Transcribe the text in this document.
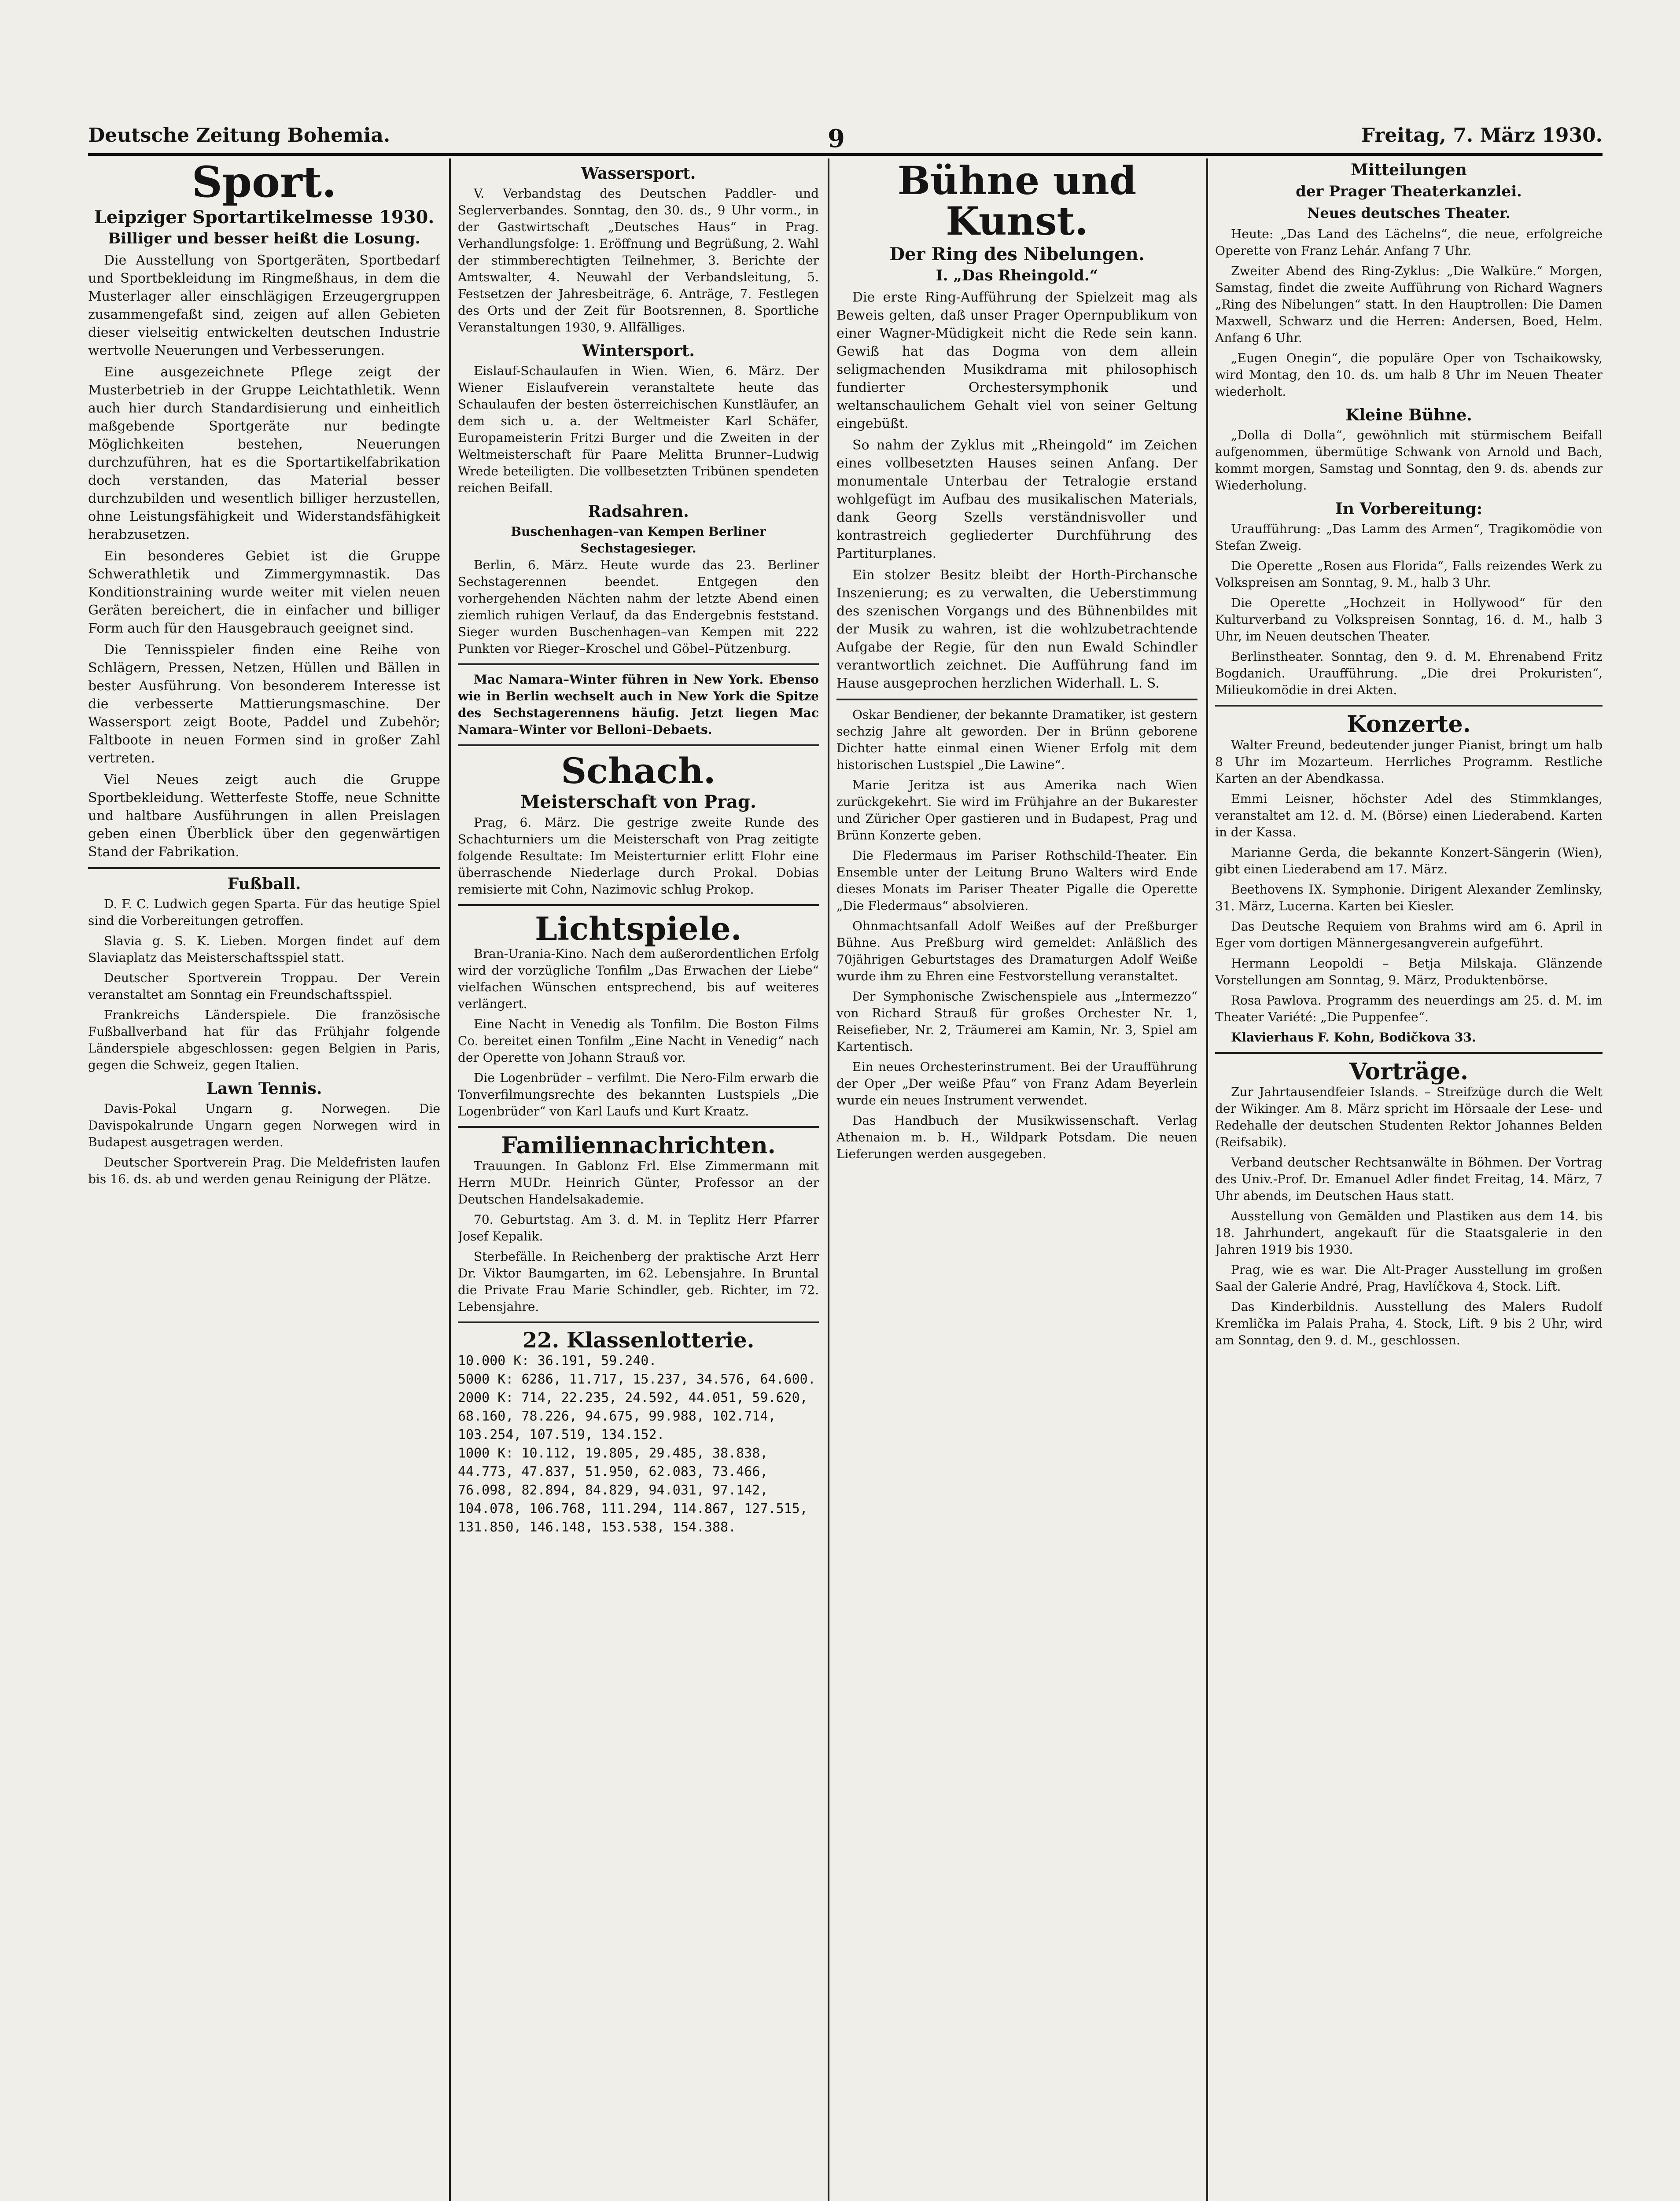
Deutsche Zeitung Bohemia.	9	Freitag, 7. März 1930.
Sport.
Leipziger Sportartikelmesse 1930.
Billiger und besser heißt die Losung.

Die Ausstellung von Sportgeräten, Sportbedarf und Sportbekleidung im Ringmeßhaus, in dem die Musterlager aller einschlägigen Erzeugergruppen zusammengefaßt sind, zeigen auf allen Gebieten dieser vielseitig entwickelten deutschen Industrie wertvolle Neuerungen und Verbesserungen.

Eine ausgezeichnete Pflege zeigt der Musterbetrieb in der Gruppe Leichtathletik. Wenn auch hier durch Standardisierung und einheitlich maßgebende Sportgeräte nur bedingte Möglichkeiten bestehen, Neuerungen durchzuführen, hat es die Sportartikelfabrikation doch verstanden, das Material besser durchzubilden und wesentlich billiger herzustellen, ohne Leistungsfähigkeit und Widerstandsfähigkeit herabzusetzen.

Ein besonderes Gebiet ist die Gruppe Schwerathletik und Zimmergymnastik. Das Konditionstraining wurde weiter mit vielen neuen Geräten bereichert, die in einfacher und billiger Form auch für den Hausgebrauch geeignet sind.

Die Tennisspieler finden eine Reihe von Schlägern, Pressen, Netzen, Hüllen und Bällen in bester Ausführung. Von besonderem Interesse ist die verbesserte Mattierungsmaschine. Der Wassersport zeigt Boote, Paddel und Zubehör; Faltboote in neuen Formen sind in großer Zahl vertreten.

Viel Neues zeigt auch die Gruppe Sportbekleidung. Wetterfeste Stoffe, neue Schnitte und haltbare Ausführungen in allen Preislagen geben einen Überblick über den gegenwärtigen Stand der Fabrikation.

Fußball.

D. F. C. Ludwich gegen Sparta. Für das heutige Spiel sind die Vorbereitungen getroffen.

Slavia g. S. K. Lieben. Morgen findet auf dem Slaviaplatz das Meisterschaftsspiel statt.

Deutscher Sportverein Troppau. Der Verein veranstaltet am Sonntag ein Freundschaftsspiel.

Frankreichs Länderspiele. Die französische Fußballverband hat für das Frühjahr folgende Länderspiele abgeschlossen: gegen Belgien in Paris, gegen die Schweiz, gegen Italien.

Lawn Tennis.

Davis-Pokal Ungarn g. Norwegen. Die Davispokalrunde Ungarn gegen Norwegen wird in Budapest ausgetragen werden.

Deutscher Sportverein Prag. Die Meldefristen laufen bis 16. ds. ab und werden genau Reinigung der Plätze.

Wassersport.

V. Verbandstag des Deutschen Paddler- und Seglerverbandes. Sonntag, den 30. ds., 9 Uhr vorm., in der Gastwirtschaft „Deutsches Haus“ in Prag. Verhandlungsfolge: 1. Eröffnung und Begrüßung, 2. Wahl der stimmberechtigten Teilnehmer, 3. Berichte der Amtswalter, 4. Neuwahl der Verbandsleitung, 5. Festsetzen der Jahresbeiträge, 6. Anträge, 7. Festlegen des Orts und der Zeit für Bootsrennen, 8. Sportliche Veranstaltungen 1930, 9. Allfälliges.

Wintersport.

Eislauf-Schaulaufen in Wien. Wien, 6. März. Der Wiener Eislaufverein veranstaltete heute das Schaulaufen der besten österreichischen Kunstläufer, an dem sich u. a. der Weltmeister Karl Schäfer, Europameisterin Fritzi Burger und die Zweiten in der Weltmeisterschaft für Paare Melitta Brunner–Ludwig Wrede beteiligten. Die vollbesetzten Tribünen spendeten reichen Beifall.

Radsahren.
Buschenhagen–van Kempen Berliner Sechstagesieger.

Berlin, 6. März. Heute wurde das 23. Berliner Sechstagerennen beendet. Entgegen den vorhergehenden Nächten nahm der letzte Abend einen ziemlich ruhigen Verlauf, da das Endergebnis feststand. Sieger wurden Buschenhagen–van Kempen mit 222 Punkten vor Rieger–Kroschel und Göbel–Pützenburg.

Mac Namara–Winter führen in New York. Ebenso wie in Berlin wechselt auch in New York die Spitze des Sechstagerennens häufig. Jetzt liegen Mac Namara–Winter vor Belloni–Debaets.

Schach.
Meisterschaft von Prag.

Prag, 6. März. Die gestrige zweite Runde des Schachturniers um die Meisterschaft von Prag zeitigte folgende Resultate: Im Meisterturnier erlitt Flohr eine überraschende Niederlage durch Prokal. Dobias remisierte mit Cohn, Nazimovic schlug Prokop.

Lichtspiele.

Bran-Urania-Kino. Nach dem außerordentlichen Erfolg wird der vorzügliche Tonfilm „Das Erwachen der Liebe“ vielfachen Wünschen entsprechend, bis auf weiteres verlängert.

Eine Nacht in Venedig als Tonfilm. Die Boston Films Co. bereitet einen Tonfilm „Eine Nacht in Venedig“ nach der Operette von Johann Strauß vor.

Die Logenbrüder – verfilmt. Die Nero-Film erwarb die Tonverfilmungsrechte des bekannten Lustspiels „Die Logenbrüder“ von Karl Laufs und Kurt Kraatz.

Familiennachrichten.

Trauungen. In Gablonz Frl. Else Zimmermann mit Herrn MUDr. Heinrich Günter, Professor an der Deutschen Handelsakademie.

70. Geburtstag. Am 3. d. M. in Teplitz Herr Pfarrer Josef Kepalik.

Sterbefälle. In Reichenberg der praktische Arzt Herr Dr. Viktor Baumgarten, im 62. Lebensjahre. In Bruntal die Private Frau Marie Schindler, geb. Richter, im 72. Lebensjahre.

22. Klassenlotterie.
10.000 K: 36.191, 59.240.
5000 K: 6286, 11.717, 15.237, 34.576, 64.600.
2000 K: 714, 22.235, 24.592, 44.051, 59.620, 68.160, 78.226, 94.675, 99.988, 102.714, 103.254, 107.519, 134.152.
1000 K: 10.112, 19.805, 29.485, 38.838, 44.773, 47.837, 51.950, 62.083, 73.466, 76.098, 82.894, 84.829, 94.031, 97.142, 104.078, 106.768, 111.294, 114.867, 127.515, 131.850, 146.148, 153.538, 154.388.
Bühne und Kunst.
Der Ring des Nibelungen.
I. „Das Rheingold.“

Die erste Ring-Aufführung der Spielzeit mag als Beweis gelten, daß unser Prager Opernpublikum von einer Wagner-Müdigkeit nicht die Rede sein kann. Gewiß hat das Dogma von dem allein seligmachenden Musikdrama mit philosophisch fundierter Orchestersymphonik und weltanschaulichem Gehalt viel von seiner Geltung eingebüßt.

So nahm der Zyklus mit „Rheingold“ im Zeichen eines vollbesetzten Hauses seinen Anfang. Der monumentale Unterbau der Tetralogie erstand wohlgefügt im Aufbau des musikalischen Materials, dank Georg Szells verständnisvoller und kontrastreich gegliederter Durchführung des Partiturplanes.

Ein stolzer Besitz bleibt der Horth-Pirchansche Inszenierung; es zu verwalten, die Ueberstimmung des szenischen Vorgangs und des Bühnenbildes mit der Musik zu wahren, ist die wohlzubetrachtende Aufgabe der Regie, für den nun Ewald Schindler verantwortlich zeichnet. Die Aufführung fand im Hause ausgeprochen herzlichen Widerhall. L. S.

Oskar Bendiener, der bekannte Dramatiker, ist gestern sechzig Jahre alt geworden. Der in Brünn geborene Dichter hatte einmal einen Wiener Erfolg mit dem historischen Lustspiel „Die Lawine“.

Marie Jeritza ist aus Amerika nach Wien zurückgekehrt. Sie wird im Frühjahre an der Bukarester und Züricher Oper gastieren und in Budapest, Prag und Brünn Konzerte geben.

Die Fledermaus im Pariser Rothschild-Theater. Ein Ensemble unter der Leitung Bruno Walters wird Ende dieses Monats im Pariser Theater Pigalle die Operette „Die Fledermaus“ absolvieren.

Ohnmachtsanfall Adolf Weißes auf der Preßburger Bühne. Aus Preßburg wird gemeldet: Anläßlich des 70jährigen Geburtstages des Dramaturgen Adolf Weiße wurde ihm zu Ehren eine Festvorstellung veranstaltet.

Der Symphonische Zwischenspiele aus „Intermezzo“ von Richard Strauß für großes Orchester Nr. 1, Reisefieber, Nr. 2, Träumerei am Kamin, Nr. 3, Spiel am Kartentisch.

Ein neues Orchesterinstrument. Bei der Uraufführung der Oper „Der weiße Pfau“ von Franz Adam Beyerlein wurde ein neues Instrument verwendet.

Das Handbuch der Musikwissenschaft. Verlag Athenaion m. b. H., Wildpark Potsdam. Die neuen Lieferungen werden ausgegeben.

Mitteilungen
der Prager Theaterkanzlei.
Neues deutsches Theater.

Heute: „Das Land des Lächelns“, die neue, erfolgreiche Operette von Franz Lehár. Anfang 7 Uhr.

Zweiter Abend des Ring-Zyklus: „Die Walküre.“ Morgen, Samstag, findet die zweite Aufführung von Richard Wagners „Ring des Nibelungen“ statt. In den Hauptrollen: Die Damen Maxwell, Schwarz und die Herren: Andersen, Boed, Helm. Anfang 6 Uhr.

„Eugen Onegin“, die populäre Oper von Tschaikowsky, wird Montag, den 10. ds. um halb 8 Uhr im Neuen Theater wiederholt.

Kleine Bühne.

„Dolla di Dolla“, gewöhnlich mit stürmischem Beifall aufgenommen, übermütige Schwank von Arnold und Bach, kommt morgen, Samstag und Sonntag, den 9. ds. abends zur Wiederholung.

In Vorbereitung:

Uraufführung: „Das Lamm des Armen“, Tragikomödie von Stefan Zweig.

Die Operette „Rosen aus Florida“, Falls reizendes Werk zu Volkspreisen am Sonntag, 9. M., halb 3 Uhr.

Die Operette „Hochzeit in Hollywood“ für den Kulturverband zu Volkspreisen Sonntag, 16. d. M., halb 3 Uhr, im Neuen deutschen Theater.

Berlinstheater. Sonntag, den 9. d. M. Ehrenabend Fritz Bogdanich. Uraufführung. „Die drei Prokuristen“, Milieukomödie in drei Akten.

Konzerte.

Walter Freund, bedeutender junger Pianist, bringt um halb 8 Uhr im Mozarteum. Herrliches Programm. Restliche Karten an der Abendkassa.

Emmi Leisner, höchster Adel des Stimmklanges, veranstaltet am 12. d. M. (Börse) einen Liederabend. Karten in der Kassa.

Marianne Gerda, die bekannte Konzert-Sängerin (Wien), gibt einen Liederabend am 17. März.

Beethovens IX. Symphonie. Dirigent Alexander Zemlinsky, 31. März, Lucerna. Karten bei Kiesler.

Das Deutsche Requiem von Brahms wird am 6. April in Eger vom dortigen Männergesangverein aufgeführt.

Hermann Leopoldi – Betja Milskaja. Glänzende Vorstellungen am Sonntag, 9. März, Produktenbörse.

Rosa Pawlova. Programm des neuerdings am 25. d. M. im Theater Variété: „Die Puppenfee“.

Klavierhaus F. Kohn, Bodičkova 33.

Vorträge.

Zur Jahrtausendfeier Islands. – Streifzüge durch die Welt der Wikinger. Am 8. März spricht im Hörsaale der Lese- und Redehalle der deutschen Studenten Rektor Johannes Belden (Reifsabik).

Verband deutscher Rechtsanwälte in Böhmen. Der Vortrag des Univ.-Prof. Dr. Emanuel Adler findet Freitag, 14. März, 7 Uhr abends, im Deutschen Haus statt.

Ausstellung von Gemälden und Plastiken aus dem 14. bis 18. Jahrhundert, angekauft für die Staatsgalerie in den Jahren 1919 bis 1930.

Prag, wie es war. Die Alt-Prager Ausstellung im großen Saal der Galerie André, Prag, Havlíčkova 4, Stock. Lift.

Das Kinderbildnis. Ausstellung des Malers Rudolf Kremlička im Palais Praha, 4. Stock, Lift. 9 bis 2 Uhr, wird am Sonntag, den 9. d. M., geschlossen.
